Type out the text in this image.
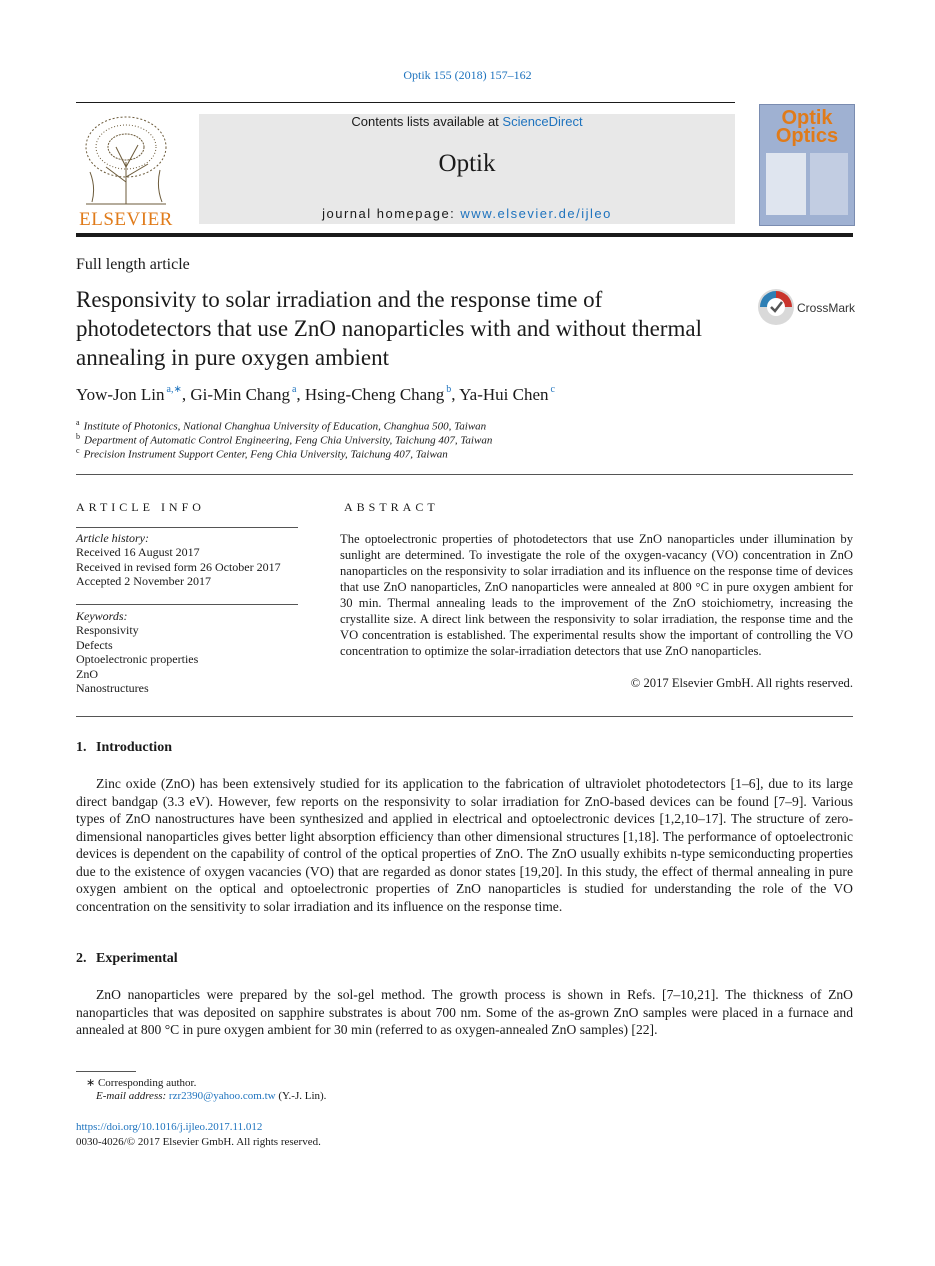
Optik 155 (2018) 157–162
ELSEVIER
Contents lists available at ScienceDirect
Optik
journal homepage: www.elsevier.de/ijleo
Optik Optics
Full length article
Responsivity to solar irradiation and the response time of photodetectors that use ZnO nanoparticles with and without thermal annealing in pure oxygen ambient
CrossMark
Yow-Jon Lin $^{a,∗}$, Gi-Min Chang $^a$, Hsing-Cheng Chang $^b$, Ya-Hui Chen $^c$
$^a$ Institute of Photonics, National Changhua University of Education, Changhua 500, Taiwan
$^b$ Department of Automatic Control Engineering, Feng Chia University, Taichung 407, Taiwan
$^c$ Precision Instrument Support Center, Feng Chia University, Taichung 407, Taiwan
ARTICLE INFO
Article history:
Received 16 August 2017
Received in revised form 26 October 2017
Accepted 2 November 2017
Keywords:
Responsivity
Defects
Optoelectronic properties
ZnO
Nanostructures
ABSTRACT
The optoelectronic properties of photodetectors that use ZnO nanoparticles under illumination by sunlight are determined. To investigate the role of the oxygen-vacancy (VO) concentration in ZnO nanoparticles on the responsivity to solar irradiation and its influence on the response time of devices that use ZnO nanoparticles, ZnO nanoparticles were annealed at 800 °C in pure oxygen ambient for 30 min. Thermal annealing leads to the improvement of the ZnO stoichiometry, increasing the crystallite size. A direct link between the responsivity to solar irradiation, the response time and the VO concentration is established. The experimental results show the important of controlling the VO concentration to optimize the solar-irradiation detectors that use ZnO nanoparticles.
© 2017 Elsevier GmbH. All rights reserved.
1. Introduction
Zinc oxide (ZnO) has been extensively studied for its application to the fabrication of ultraviolet photodetectors [1–6], due to its large direct bandgap (3.3 eV). However, few reports on the responsivity to solar irradiation for ZnO-based devices can be found [7–9]. Various types of ZnO nanostructures have been synthesized and applied in electrical and optoelectronic devices [1,2,10–17]. The structure of zero-dimensional nanoparticles gives better light absorption efficiency than other dimensional structures [1,18]. The performance of optoelectronic devices is dependent on the capability of control of the optical properties of ZnO. The ZnO usually exhibits n-type semiconducting properties due to the existence of oxygen vacancies (VO) that are regarded as donor states [19,20]. In this study, the effect of thermal annealing in pure oxygen ambient on the optical and optoelectronic properties of ZnO nanoparticles is studied for understanding the role of the VO concentration on the sensitivity to solar irradiation and its influence on the response time.
2. Experimental
ZnO nanoparticles were prepared by the sol-gel method. The growth process is shown in Refs. [7–10,21]. The thickness of ZnO nanoparticles that was deposited on sapphire substrates is about 700 nm. Some of the as-grown ZnO samples were placed in a furnace and annealed at 800 °C in pure oxygen ambient for 30 min (referred to as oxygen-annealed ZnO samples) [22].
∗ Corresponding author.
E-mail address: rzr2390@yahoo.com.tw (Y.-J. Lin).
https://doi.org/10.1016/j.ijleo.2017.11.012
0030-4026/© 2017 Elsevier GmbH. All rights reserved.
